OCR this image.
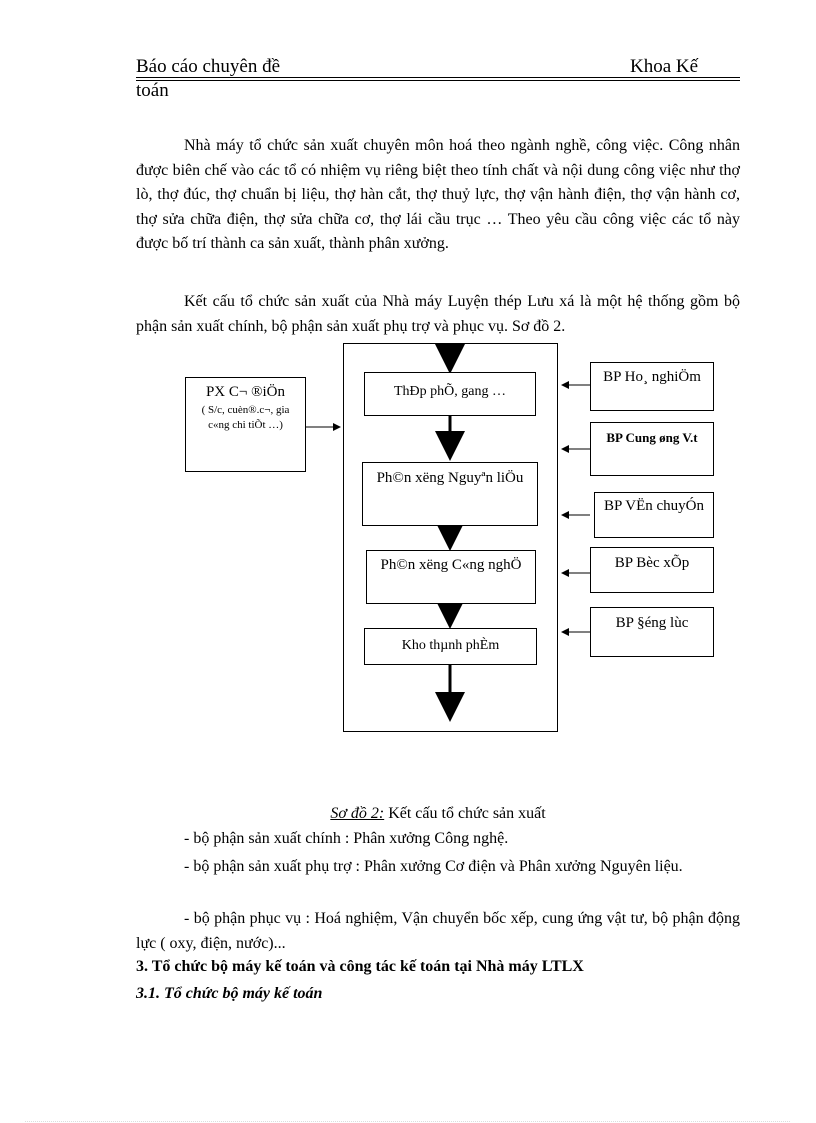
Báo cáo chuyên đề	Khoa Kế
toán

Nhà máy tổ chức sản xuất chuyên môn hoá theo ngành nghề, công việc. Công nhân được biên chế vào các tổ có nhiệm vụ riêng biệt theo tính chất và nội dung công việc như thợ lò, thợ đúc, thợ chuẩn bị liệu, thợ hàn cắt, thợ thuỷ lực, thợ vận hành điện, thợ vận hành cơ, thợ sửa chữa điện, thợ sửa chữa cơ, thợ lái cầu trục … Theo yêu cầu công việc các tổ này được bố trí thành ca sản xuất, thành phân xưởng.

Kết cấu tổ chức sản xuất của Nhà máy Luyện thép Lưu xá là một hệ thống gồm bộ phận sản xuất chính, bộ phận sản xuất phụ trợ và phục vụ. Sơ đồ 2.

PX C¬ ®iÖn
( S/c, cuèn®.c¬, gia c«ng chi tiÕt …)
ThÐp phÕ, gang …
Ph©n xëng Nguyªn liÖu
Ph©n xëng C«ng nghÖ
Kho thµnh phÈm
BP Ho¸ nghiÖm
BP Cung øng V.t
BP VËn chuyÓn
BP Bèc xÕp
BP §éng lùc
Sơ đồ 2: Kết cấu tổ chức sản xuất

- bộ phận sản xuất chính : Phân xưởng Công nghệ.

- bộ phận sản xuất phụ trợ : Phân xưởng Cơ điện và Phân xưởng Nguyên liệu.

- bộ phận phục vụ : Hoá nghiệm, Vận chuyển bốc xếp, cung ứng vật tư, bộ phận động lực ( oxy, điện, nước)...

3. Tổ chức bộ máy kế toán và công tác kế toán tại Nhà máy LTLX
3.1. Tổ chức bộ máy kế toán
